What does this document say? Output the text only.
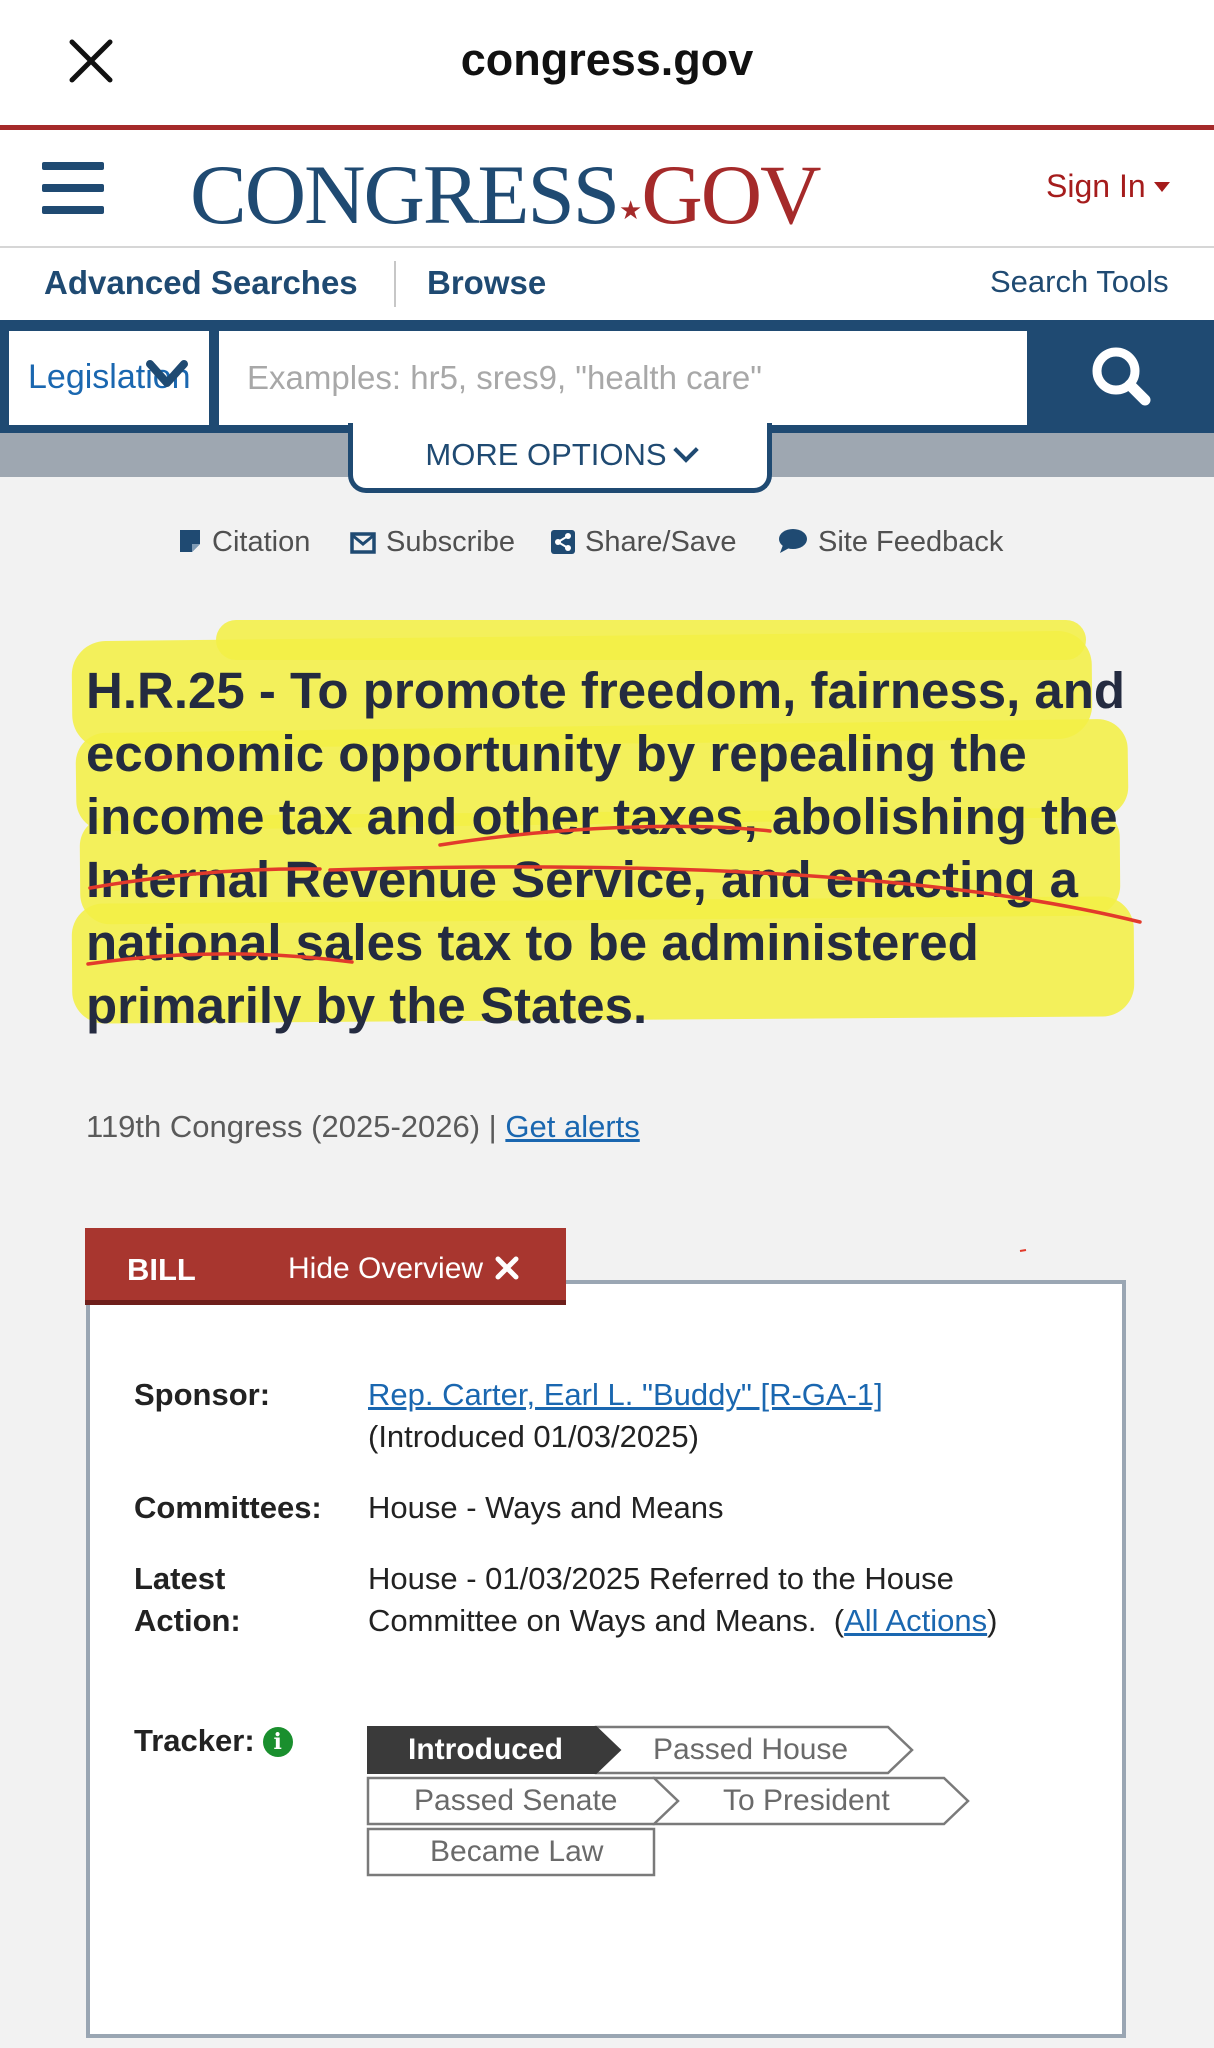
congress.gov
CONGRESS★GOV	Sign In
Advanced Searches Browse	Search Tools
Legislation
Examples: hr5, sres9, "health care"
MORE OPTIONS
Citation	Subscribe	Share/Save	Site Feedback
H.R.25 - To promote freedom, fairness, and economic opportunity by repealing the income tax and other taxes, abolishing the Internal Revenue Service, and enacting a national sales tax to be administered primarily by the States.
119th Congress (2025-2026) | Get alerts
BILL	Hide Overview
Sponsor:	Rep. Carter, Earl L. "Buddy" [R-GA-1]
(Introduced 01/03/2025)
Committees: House - Ways and Means
Latest
Action:
House - 01/03/2025 Referred to the House Committee on Ways and Means. (All Actions)
Tracker: i	Introduced	Passed House
Passed Senate	To President
Became Law
